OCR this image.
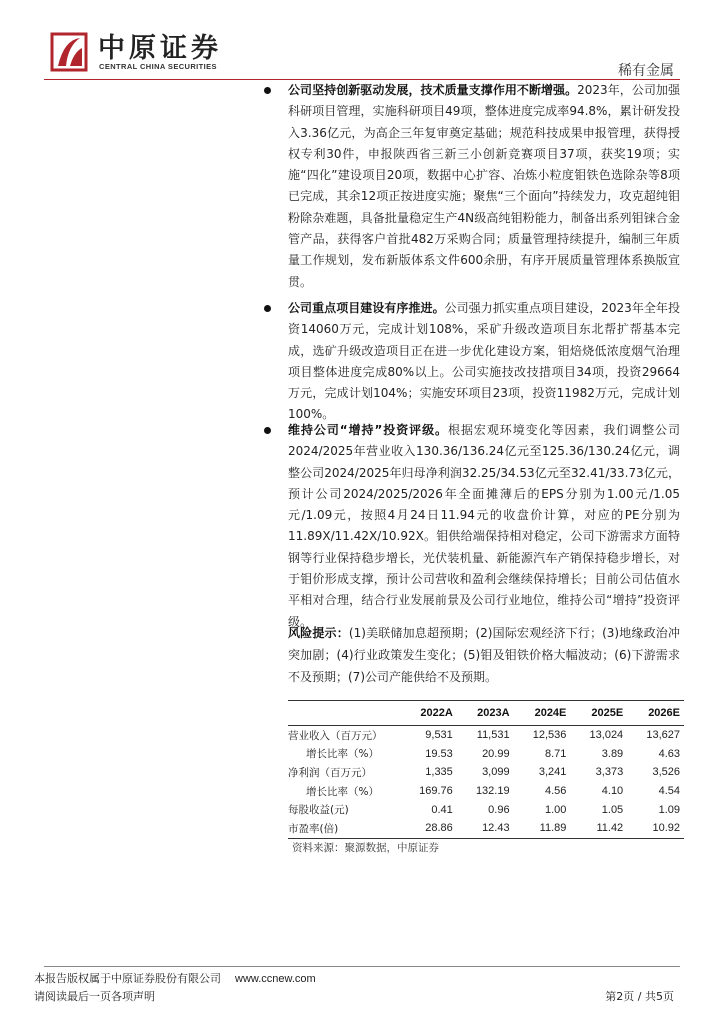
中原证券
CENTRAL CHINA SECURITIES	稀有金属
公司坚持创新驱动发展，技术质量支撑作用不断增强。2023年，公司加强科研项目管理，实施科研项目49项，整体进度完成率94.8%，累计研发投入3.36亿元，为高企三年复审奠定基础；规范科技成果申报管理，获得授权专利30件，申报陕西省三新三小创新竞赛项目37项，获奖19项；实施“四化”建设项目20项，数据中心扩容、冶炼小粒度钼铁色选除杂等8项已完成，其余12项正按进度实施；聚焦“三个面向”持续发力，攻克超纯钼粉除杂难题，具备批量稳定生产4N级高纯钼粉能力，制备出系列钼铼合金管产品，获得客户首批482万采购合同；质量管理持续提升，编制三年质量工作规划，发布新版体系文件600余册，有序开展质量管理体系换版宣贯。
公司重点项目建设有序推进。公司强力抓实重点项目建设，2023年全年投资14060万元，完成计划108%，采矿升级改造项目东北帮扩帮基本完成，选矿升级改造项目正在进一步优化建设方案，钼焙烧低浓度烟气治理项目整体进度完成80%以上。公司实施技改技措项目34项，投资29664万元，完成计划104%；实施安环项目23项，投资11982万元，完成计划100%。
维持公司“增持”投资评级。根据宏观环境变化等因素，我们调整公司2024/2025年营业收入130.36/136.24亿元至125.36/130.24亿元，调整公司2024/2025年归母净利润32.25/34.53亿元至32.41/33.73亿元，预计公司2024/2025/2026年全面摊薄后的EPS分别为1.00元/1.05元/1.09元，按照4月24日11.94元的收盘价计算，对应的PE分别为11.89X/11.42X/10.92X。钼供给端保持相对稳定，公司下游需求方面特钢等行业保持稳步增长，光伏装机量、新能源汽车产销保持稳步增长，对于钼价形成支撑，预计公司营收和盈利会继续保持增长；目前公司估值水平相对合理，结合行业发展前景及公司行业地位，维持公司“增持”投资评级。
风险提示：(1)美联储加息超预期；(2)国际宏观经济下行；(3)地缘政治冲突加剧；(4)行业政策发生变化；(5)钼及钼铁价格大幅波动；(6)下游需求不及预期；(7)公司产能供给不及预期。
	2022A	2023A	2024E	2025E	2026E
营业收入（百万元）	9,531	11,531	12,536	13,024	13,627
增长比率（%）	19.53	20.99	8.71	3.89	4.63
净利润（百万元）	1,335	3,099	3,241	3,373	3,526
增长比率（%）	169.76	132.19	4.56	4.10	4.54
每股收益(元)	0.41	0.96	1.00	1.05	1.09
市盈率(倍)	28.86	12.43	11.89	11.42	10.92
资料来源：聚源数据，中原证券
本报告版权属于中原证券股份有限公司 www.ccnew.com
请阅读最后一页各项声明	第2页 / 共5页
